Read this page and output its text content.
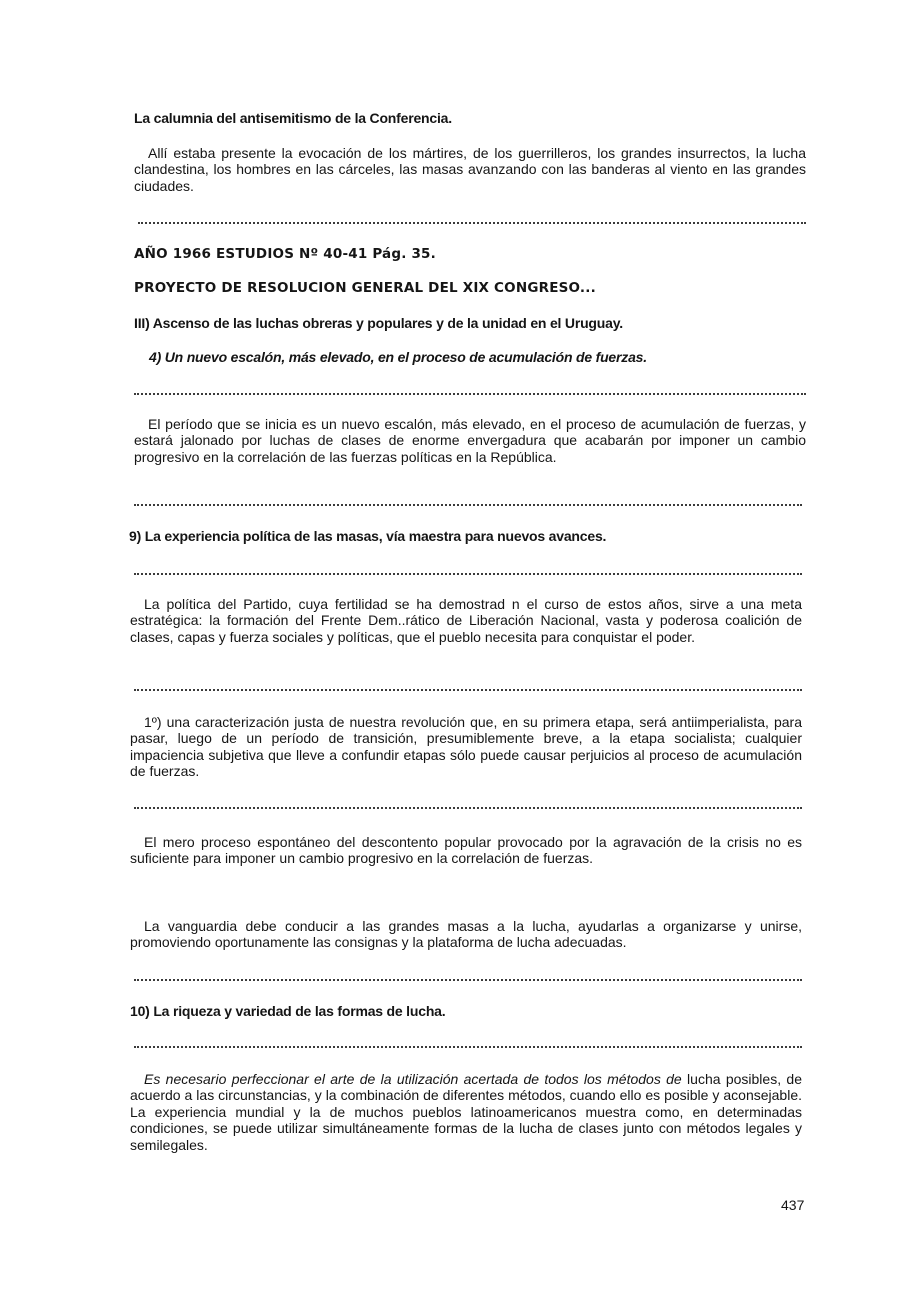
La calumnia del antisemitismo de la Conferencia.

Allí estaba presente la evocación de los mártires, de los guerrilleros, los grandes insurrectos, la lucha clandestina, los hombres en las cárceles, las masas avanzando con las banderas al viento en las grandes ciudades.

AÑO 1966 ESTUDIOS Nº 40-41 Pág. 35.
PROYECTO DE RESOLUCION GENERAL DEL XIX CONGRESO...
III) Ascenso de las luchas obreras y populares y de la unidad en el Uruguay.
4) Un nuevo escalón, más elevado, en el proceso de acumulación de fuerzas.

El período que se inicia es un nuevo escalón, más elevado, en el proceso de acumulación de fuerzas, y estará jalonado por luchas de clases de enorme envergadura que acabarán por imponer un cambio progresivo en la correlación de las fuerzas políticas en la República.

9) La experiencia política de las masas, vía maestra para nuevos avances.

La política del Partido, cuya fertilidad se ha demostrad n el curso de estos años, sirve a una meta estratégica: la formación del Frente Dem..rático de Liberación Nacional, vasta y poderosa coalición de clases, capas y fuerza sociales y políticas, que el pueblo necesita para conquistar el poder.

1º) una caracterización justa de nuestra revolución que, en su primera etapa, será antiimperialista, para pasar, luego de un período de transición, presumiblemente breve, a la etapa socialista; cualquier impaciencia subjetiva que lleve a confundir etapas sólo puede causar perjuicios al proceso de acumulación de fuerzas.

El mero proceso espontáneo del descontento popular provocado por la agravación de la crisis no es suficiente para imponer un cambio progresivo en la correlación de fuerzas.

La vanguardia debe conducir a las grandes masas a la lucha, ayudarlas a organizarse y unirse, promoviendo oportunamente las consignas y la plataforma de lucha adecuadas.

10) La riqueza y variedad de las formas de lucha.

Es necesario perfeccionar el arte de la utilización acertada de todos los métodos de lucha posibles, de acuerdo a las circunstancias, y la combinación de diferentes métodos, cuando ello es posible y aconsejable. La experiencia mundial y la de muchos pueblos latinoamericanos muestra como, en determinadas condiciones, se puede utilizar simultáneamente formas de la lucha de clases junto con métodos legales y semilegales.

437
